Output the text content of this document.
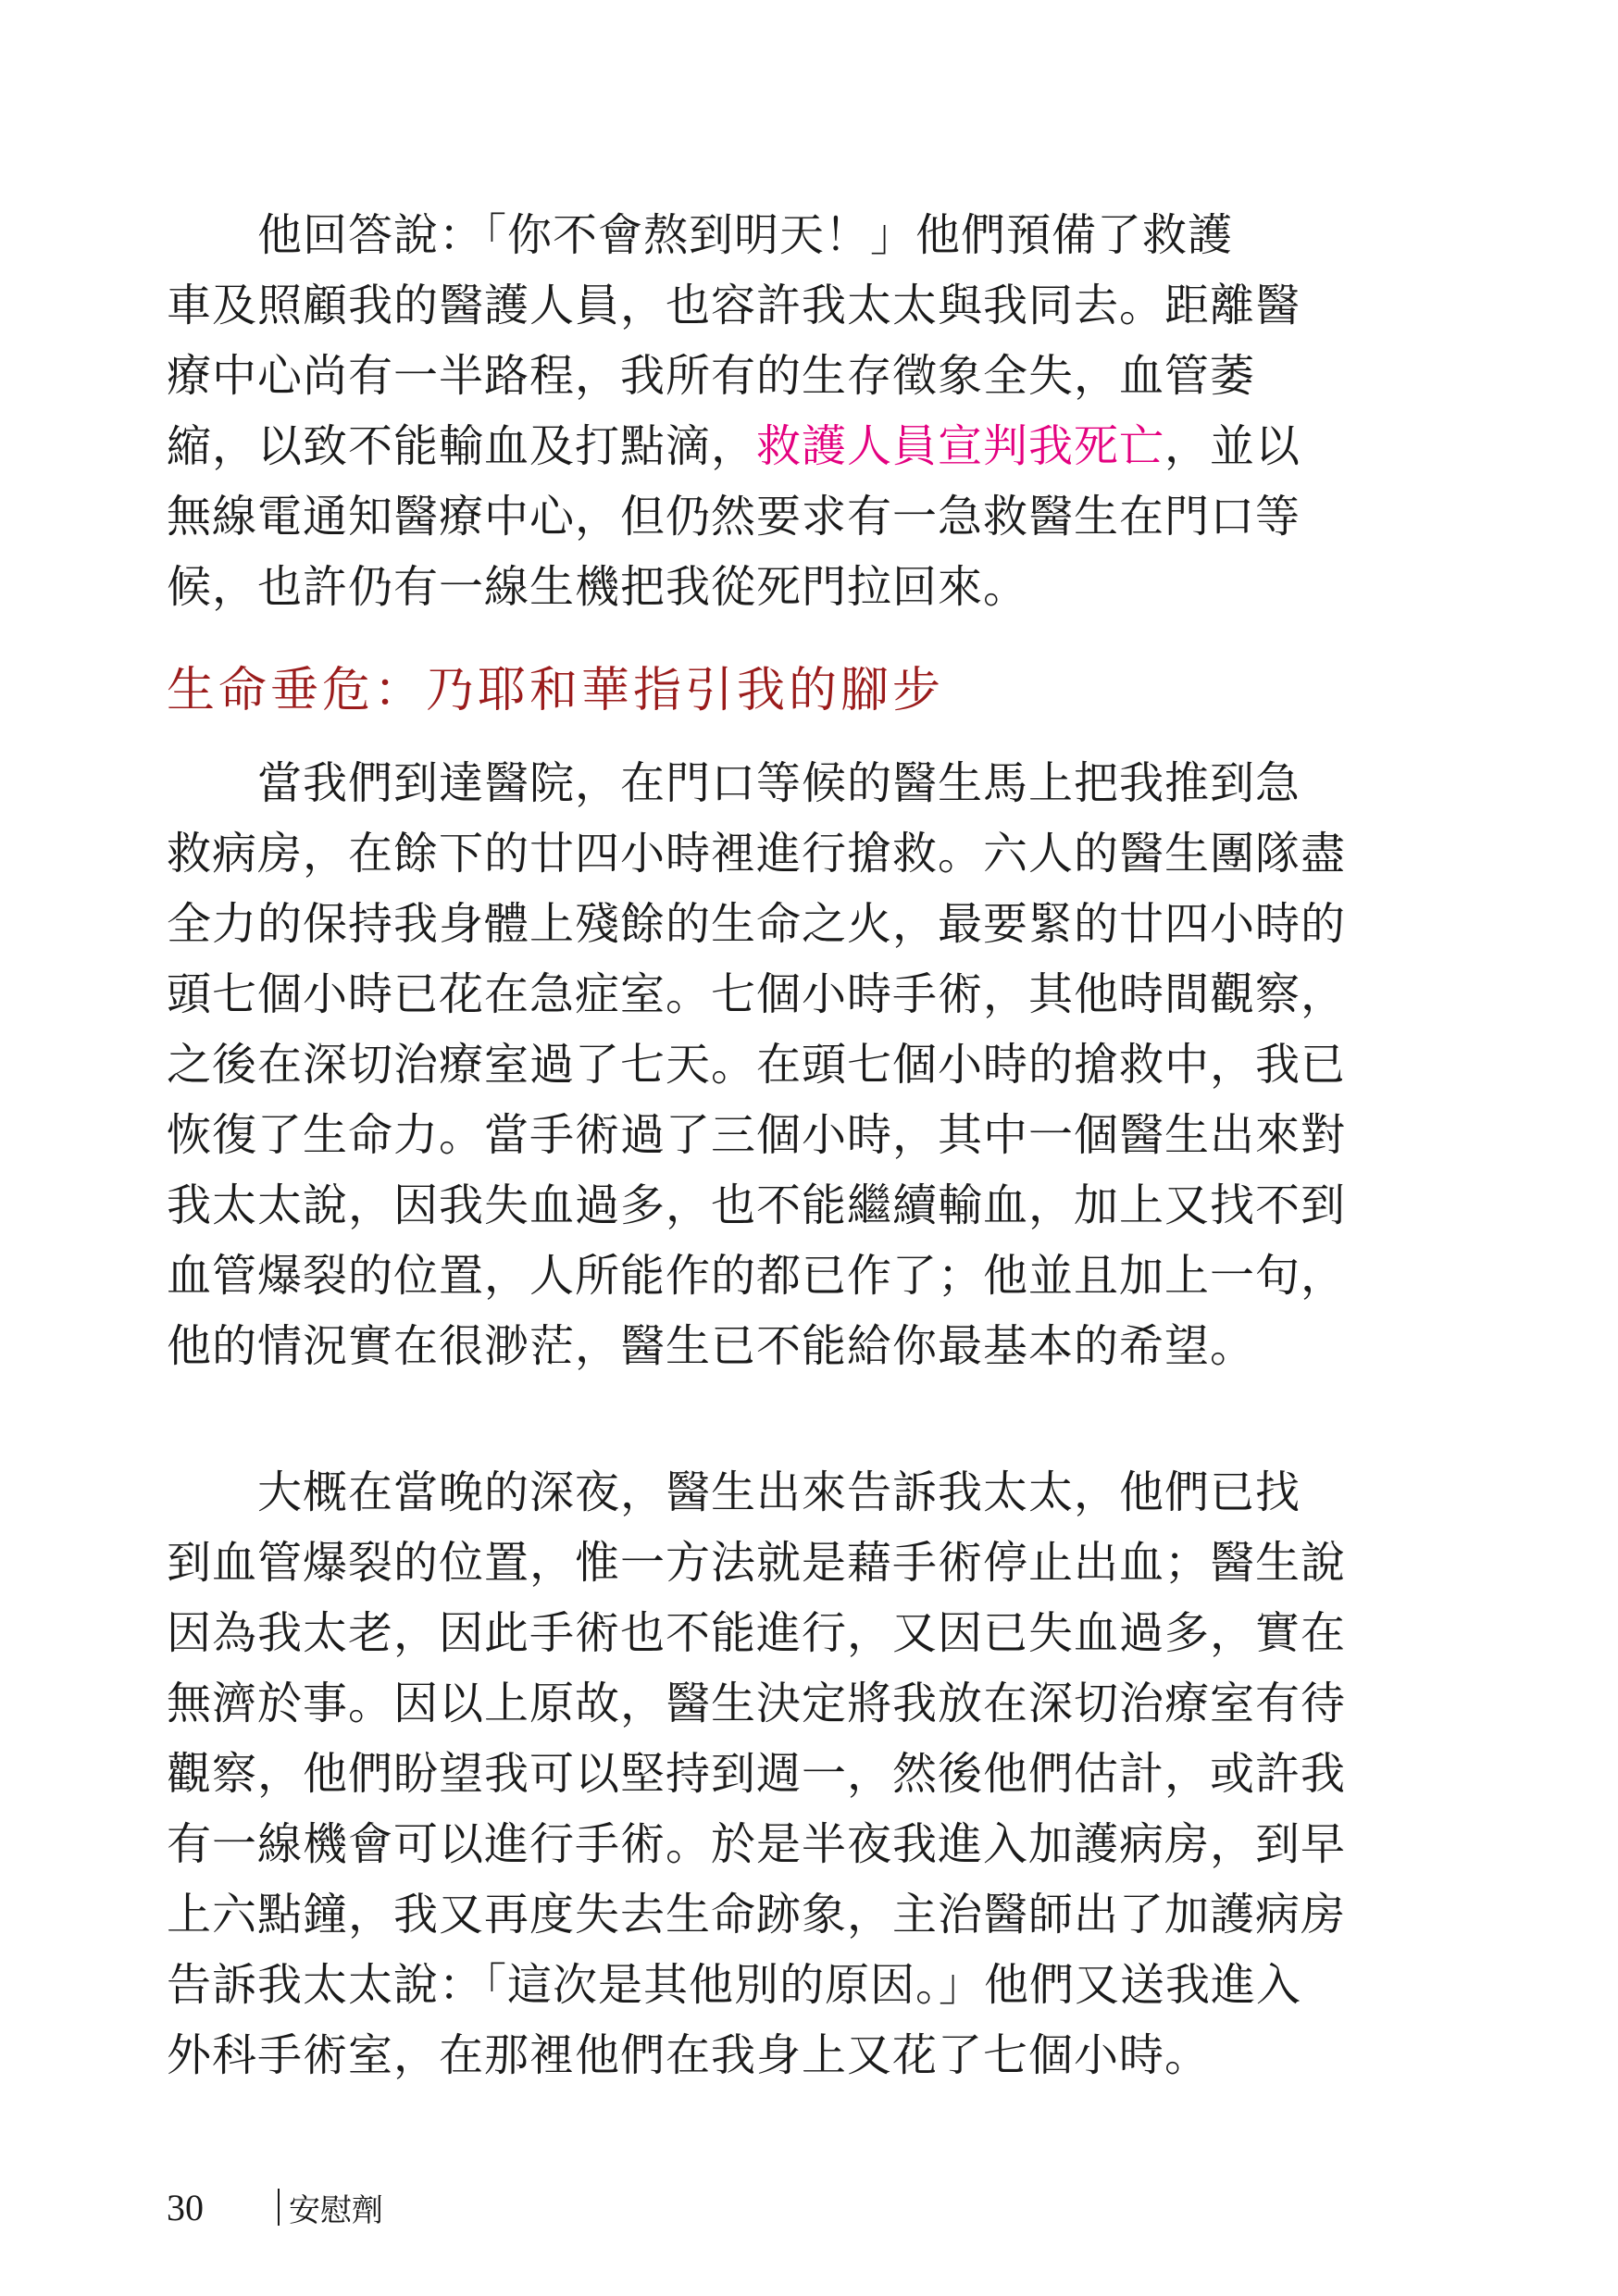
　　他回答說：「你不會熬到明天！」他們預備了救護
車及照顧我的醫護人員，也容許我太太與我同去。距離醫
療中心尚有一半路程，我所有的生存徵象全失，血管萎
縮，以致不能輸血及打點滴，救護人員宣判我死亡，並以
無線電通知醫療中心，但仍然要求有一急救醫生在門口等
候，也許仍有一線生機把我從死門拉回來。
生命垂危：乃耶和華指引我的腳步
　　當我們到達醫院，在門口等候的醫生馬上把我推到急
救病房，在餘下的廿四小時裡進行搶救。六人的醫生團隊盡
全力的保持我身體上殘餘的生命之火，最要緊的廿四小時的
頭七個小時已花在急症室。七個小時手術，其他時間觀察，
之後在深切治療室過了七天。在頭七個小時的搶救中，我已
恢復了生命力。當手術過了三個小時，其中一個醫生出來對
我太太說，因我失血過多，也不能繼續輸血，加上又找不到
血管爆裂的位置，人所能作的都已作了；他並且加上一句，
他的情況實在很渺茫，醫生已不能給你最基本的希望。
　　大概在當晚的深夜，醫生出來告訴我太太，他們已找
到血管爆裂的位置，惟一方法就是藉手術停止出血；醫生說
因為我太老，因此手術也不能進行，又因已失血過多，實在
無濟於事。因以上原故，醫生決定將我放在深切治療室有待
觀察，他們盼望我可以堅持到週一，然後他們估計，或許我
有一線機會可以進行手術。於是半夜我進入加護病房，到早
上六點鐘，我又再度失去生命跡象，主治醫師出了加護病房
告訴我太太說：「這次是其他別的原因。」他們又送我進入
外科手術室，在那裡他們在我身上又花了七個小時。
30	安慰劑
